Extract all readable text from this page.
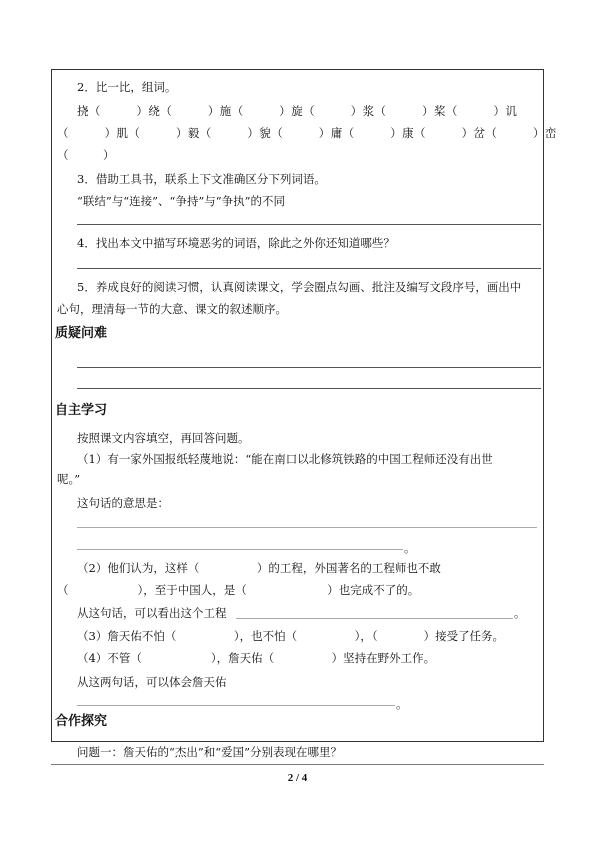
2．比一比，组词。
挠（　　　）绕（　　　）施（　　　）旋（　　　）浆（　　　）桨（　　　）讥
（　　　）肌（　　　）毅（　　　）貌（　　　）庸（　　　）康（　　　）岔（　　　）峦
（　　　）
3．借助工具书，联系上下文准确区分下列词语。
“联结”与“连接”、“争持”与“争执”的不同
4．找出本文中描写环境恶劣的词语，除此之外你还知道哪些？
5．养成良好的阅读习惯，认真阅读课文，学会圈点勾画、批注及编写文段序号，画出中
心句，理清每一节的大意、课文的叙述顺序。
质疑问难
自主学习
按照课文内容填空，再回答问题。
（1）有一家外国报纸轻蔑地说：“能在南口以北修筑铁路的中国工程师还没有出世
呢。”
这句话的意思是：
。
（2）他们认为，这样（　　　　　）的工程，外国著名的工程师也不敢
（　　　　　　），至于中国人，是（　　　　　　　）也完成不了的。
从这句话，可以看出这个工程	。
（3）詹天佑不怕（　　　　　），也不怕（　　　　　），（　　　　）接受了任务。
（4）不管（　　　　　　），詹天佑（　　　　　）坚持在野外工作。
从这两句话，可以体会詹天佑
。
合作探究
问题一：詹天佑的“杰出”和“爱国”分别表现在哪里？
2 / 4
